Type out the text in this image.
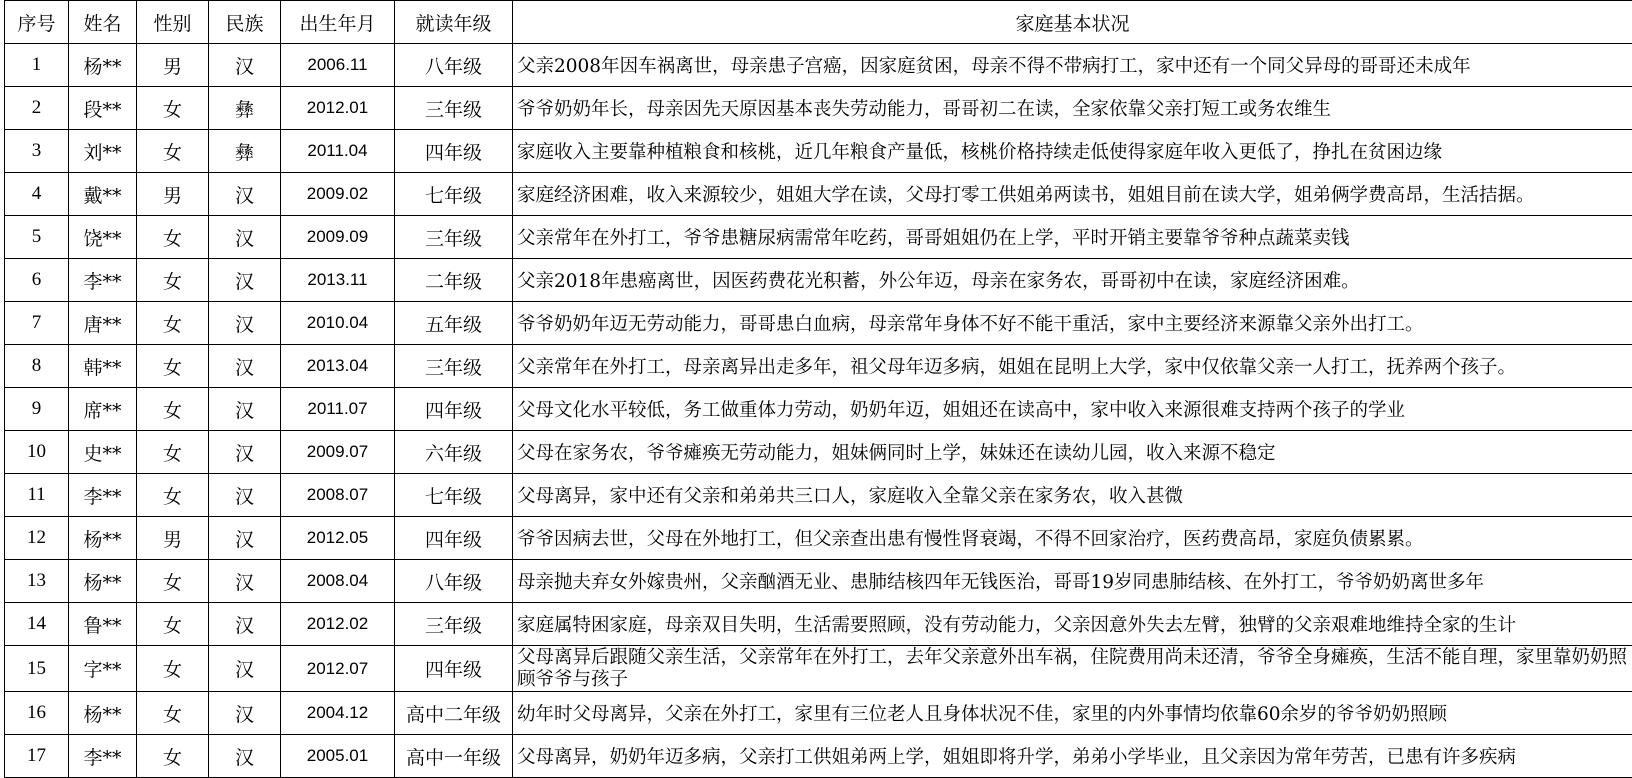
序号	姓名	性别	民族	出生年月	就读年级	家庭基本状况
1	杨**	男	汉	2006.11	八年级	父亲2008年因车祸离世，母亲患子宫癌，因家庭贫困，母亲不得不带病打工，家中还有一个同父异母的哥哥还未成年
2	段**	女	彝	2012.01	三年级	爷爷奶奶年长，母亲因先天原因基本丧失劳动能力，哥哥初二在读，全家依靠父亲打短工或务农维生
3	刘**	女	彝	2011.04	四年级	家庭收入主要靠种植粮食和核桃，近几年粮食产量低，核桃价格持续走低使得家庭年收入更低了，挣扎在贫困边缘
4	戴**	男	汉	2009.02	七年级	家庭经济困难，收入来源较少，姐姐大学在读，父母打零工供姐弟两读书，姐姐目前在读大学，姐弟俩学费高昂，生活拮据。
5	饶**	女	汉	2009.09	三年级	父亲常年在外打工，爷爷患糖尿病需常年吃药，哥哥姐姐仍在上学，平时开销主要靠爷爷种点蔬菜卖钱
6	李**	女	汉	2013.11	二年级	父亲2018年患癌离世，因医药费花光积蓄，外公年迈，母亲在家务农，哥哥初中在读，家庭经济困难。
7	唐**	女	汉	2010.04	五年级	爷爷奶奶年迈无劳动能力，哥哥患白血病，母亲常年身体不好不能干重活，家中主要经济来源靠父亲外出打工。
8	韩**	女	汉	2013.04	三年级	父亲常年在外打工，母亲离异出走多年，祖父母年迈多病，姐姐在昆明上大学，家中仅依靠父亲一人打工，抚养两个孩子。
9	席**	女	汉	2011.07	四年级	父母文化水平较低，务工做重体力劳动，奶奶年迈，姐姐还在读高中，家中收入来源很难支持两个孩子的学业
10	史**	女	汉	2009.07	六年级	父母在家务农，爷爷瘫痪无劳动能力，姐妹俩同时上学，妹妹还在读幼儿园，收入来源不稳定
11	李**	女	汉	2008.07	七年级	父母离异，家中还有父亲和弟弟共三口人，家庭收入全靠父亲在家务农，收入甚微
12	杨**	男	汉	2012.05	四年级	爷爷因病去世，父母在外地打工，但父亲查出患有慢性肾衰竭，不得不回家治疗，医药费高昂，家庭负债累累。
13	杨**	女	汉	2008.04	八年级	母亲抛夫弃女外嫁贵州，父亲酗酒无业、患肺结核四年无钱医治，哥哥19岁同患肺结核、在外打工，爷爷奶奶离世多年
14	鲁**	女	汉	2012.02	三年级	家庭属特困家庭，母亲双目失明，生活需要照顾，没有劳动能力，父亲因意外失去左臂，独臂的父亲艰难地维持全家的生计
15	字**	女	汉	2012.07	四年级	父母离异后跟随父亲生活，父亲常年在外打工，去年父亲意外出车祸，住院费用尚未还清，爷爷全身瘫痪，生活不能自理，家里靠奶奶照顾爷爷与孩子
16	杨**	女	汉	2004.12	高中二年级	幼年时父母离异，父亲在外打工，家里有三位老人且身体状况不佳，家里的内外事情均依靠60余岁的爷爷奶奶照顾
17	李**	女	汉	2005.01	高中一年级	父母离异，奶奶年迈多病，父亲打工供姐弟两上学，姐姐即将升学，弟弟小学毕业，且父亲因为常年劳苦，已患有许多疾病
